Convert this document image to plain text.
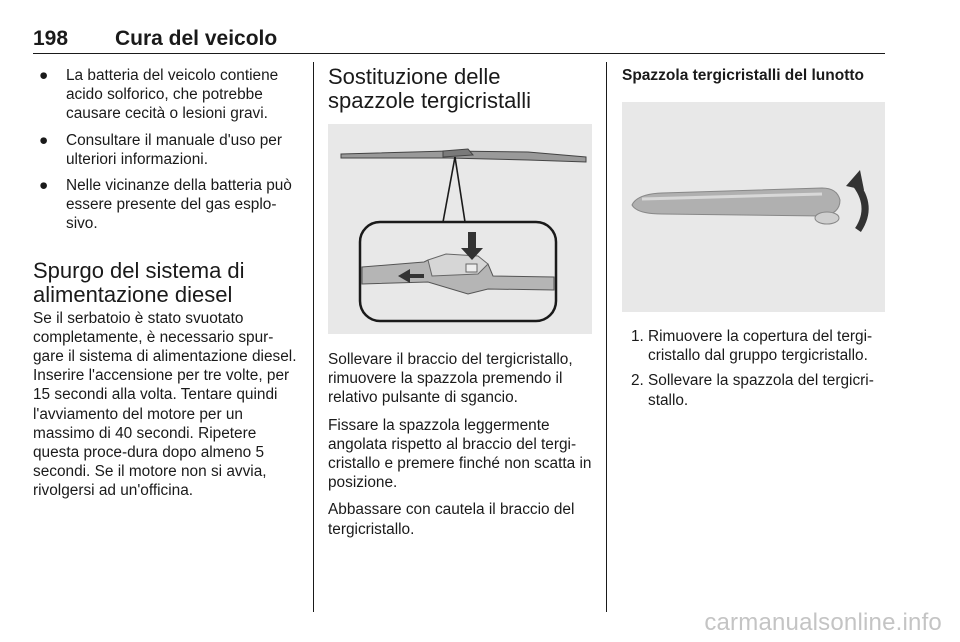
198 Cura del veicolo
● La batteria del veicolo contiene acido solforico, che potrebbe causare cecità o lesioni gravi.
● Consultare il manuale d'uso per ulteriori informazioni.
● Nelle vicinanze della batteria può essere presente del gas esplo-sivo.
Spurgo del sistema di alimentazione diesel

Se il serbatoio è stato svuotato completamente, è necessario spur-gare il sistema di alimentazione diesel. Inserire l'accensione per tre volte, per 15 secondi alla volta. Tentare quindi l'avviamento del motore per un massimo di 40 secondi. Ripetere questa proce-dura dopo almeno 5 secondi. Se il motore non si avvia, rivolgersi ad un'officina.

Sostituzione delle spazzole tergicristalli

Sollevare il braccio del tergicristallo, rimuovere la spazzola premendo il relativo pulsante di sgancio.

Fissare la spazzola leggermente angolata rispetto al braccio del tergi-cristallo e premere finché non scatta in posizione.

Abbassare con cautela il braccio del tergicristallo.

Spazzola tergicristalli del lunotto
1. Rimuovere la copertura del tergi-cristallo dal gruppo tergicristallo.
2. Sollevare la spazzola del tergicri-stallo.
carmanualsonline.info
